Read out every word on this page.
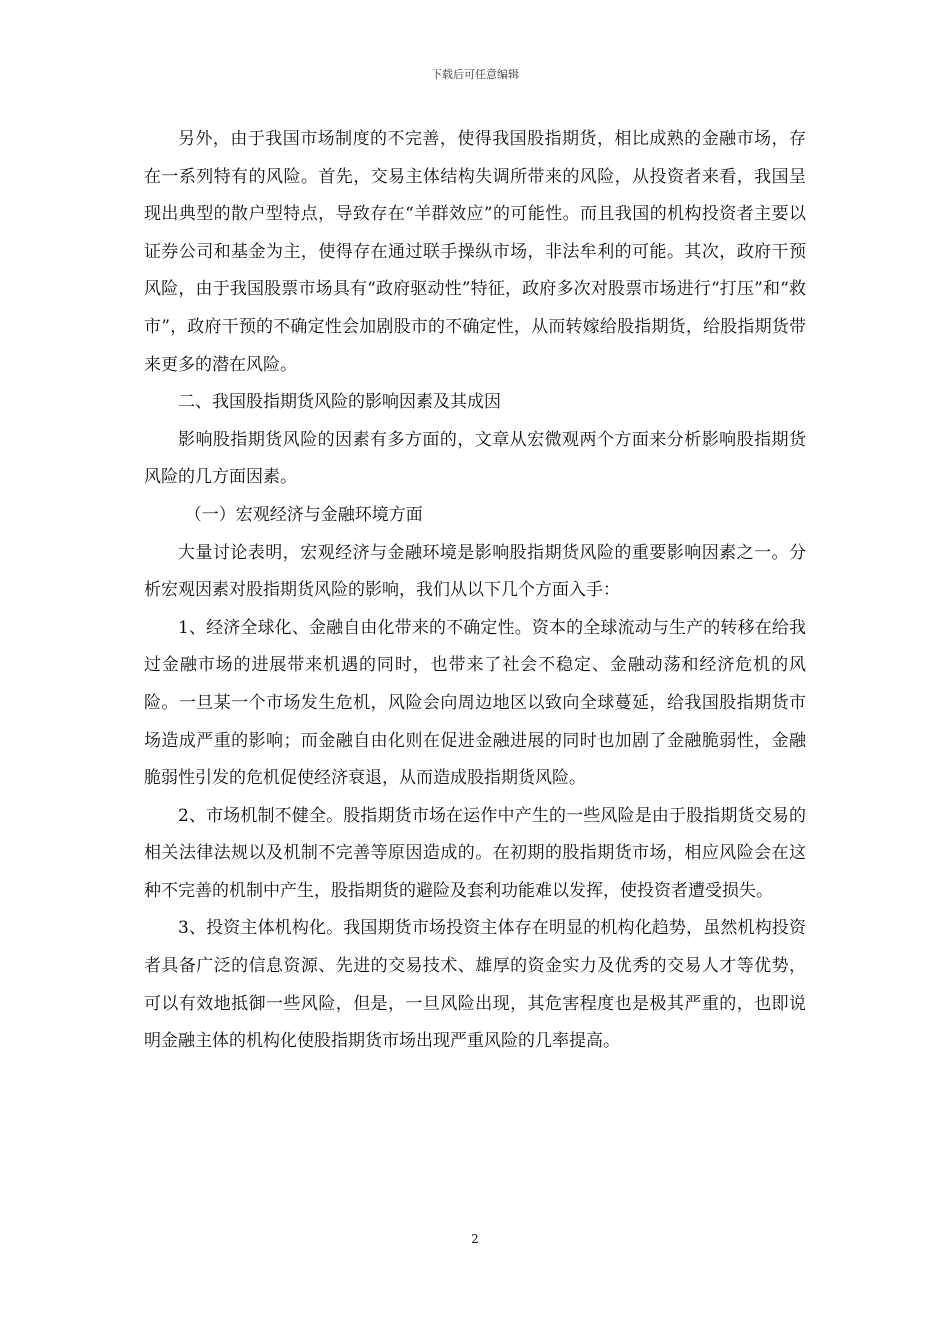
下载后可任意编辑

另外，由于我国市场制度的不完善，使得我国股指期货，相比成熟的金融市场，存在一系列特有的风险。首先，交易主体结构失调所带来的风险，从投资者来看，我国呈现出典型的散户型特点，导致存在“羊群效应”的可能性。而且我国的机构投资者主要以证券公司和基金为主，使得存在通过联手操纵市场，非法牟利的可能。其次，政府干预风险，由于我国股票市场具有“政府驱动性”特征，政府多次对股票市场进行“打压”和“救市”，政府干预的不确定性会加剧股市的不确定性，从而转嫁给股指期货，给股指期货带来更多的潜在风险。

二、我国股指期货风险的影响因素及其成因

影响股指期货风险的因素有多方面的，文章从宏微观两个方面来分析影响股指期货风险的几方面因素。

（一）宏观经济与金融环境方面

大量讨论表明，宏观经济与金融环境是影响股指期货风险的重要影响因素之一。分析宏观因素对股指期货风险的影响，我们从以下几个方面入手：

1、经济全球化、金融自由化带来的不确定性。资本的全球流动与生产的转移在给我过金融市场的进展带来机遇的同时，也带来了社会不稳定、金融动荡和经济危机的风险。一旦某一个市场发生危机，风险会向周边地区以致向全球蔓延，给我国股指期货市场造成严重的影响；而金融自由化则在促进金融进展的同时也加剧了金融脆弱性，金融脆弱性引发的危机促使经济衰退，从而造成股指期货风险。

2、市场机制不健全。股指期货市场在运作中产生的一些风险是由于股指期货交易的相关法律法规以及机制不完善等原因造成的。在初期的股指期货市场，相应风险会在这种不完善的机制中产生，股指期货的避险及套利功能难以发挥，使投资者遭受损失。

3、投资主体机构化。我国期货市场投资主体存在明显的机构化趋势，虽然机构投资者具备广泛的信息资源、先进的交易技术、雄厚的资金实力及优秀的交易人才等优势，可以有效地抵御一些风险，但是，一旦风险出现，其危害程度也是极其严重的，也即说明金融主体的机构化使股指期货市场出现严重风险的几率提高。

2
